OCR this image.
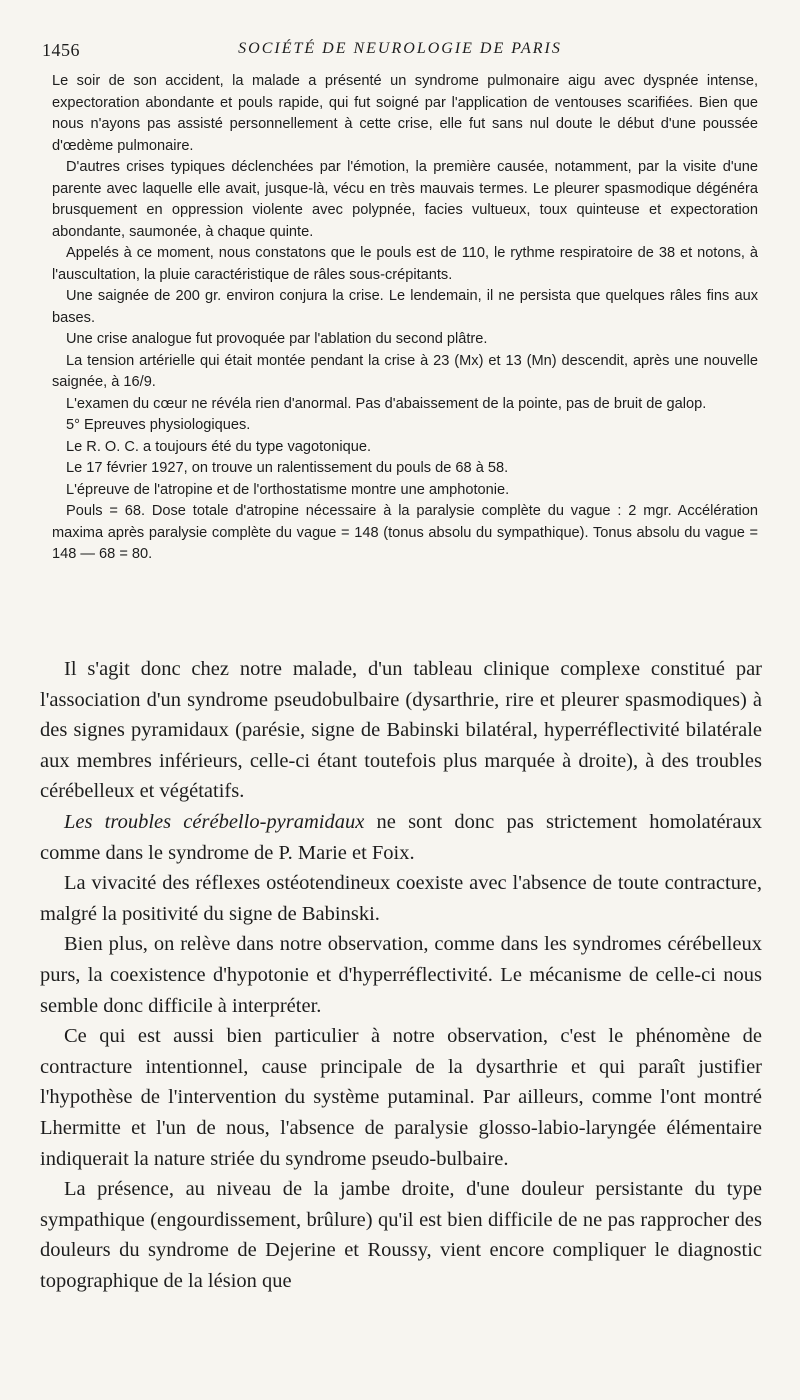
1456	SOCIÉTÉ DE NEUROLOGIE DE PARIS

Le soir de son accident, la malade a présenté un syndrome pulmonaire aigu avec dyspnée intense, expectoration abondante et pouls rapide, qui fut soigné par l'application de ventouses scarifiées. Bien que nous n'ayons pas assisté personnellement à cette crise, elle fut sans nul doute le début d'une poussée d'œdème pulmonaire.

D'autres crises typiques déclenchées par l'émotion, la première causée, notamment, par la visite d'une parente avec laquelle elle avait, jusque-là, vécu en très mauvais termes. Le pleurer spasmodique dégénéra brusquement en oppression violente avec polypnée, facies vultueux, toux quinteuse et expectoration abondante, saumonée, à chaque quinte.

Appelés à ce moment, nous constatons que le pouls est de 110, le rythme respiratoire de 38 et notons, à l'auscultation, la pluie caractéristique de râles sous-crépitants.

Une saignée de 200 gr. environ conjura la crise. Le lendemain, il ne persista que quelques râles fins aux bases.

Une crise analogue fut provoquée par l'ablation du second plâtre.

La tension artérielle qui était montée pendant la crise à 23 (Mx) et 13 (Mn) descendit, après une nouvelle saignée, à 16/9.

L'examen du cœur ne révéla rien d'anormal. Pas d'abaissement de la pointe, pas de bruit de galop.

5° Epreuves physiologiques.

Le R. O. C. a toujours été du type vagotonique.

Le 17 février 1927, on trouve un ralentissement du pouls de 68 à 58.

L'épreuve de l'atropine et de l'orthostatisme montre une amphotonie.

Pouls = 68. Dose totale d'atropine nécessaire à la paralysie complète du vague : 2 mgr. Accélération maxima après paralysie complète du vague = 148 (tonus absolu du sympathique). Tonus absolu du vague = 148 — 68 = 80.

Il s'agit donc chez notre malade, d'un tableau clinique complexe constitué par l'association d'un syndrome pseudobulbaire (dysarthrie, rire et pleurer spasmodiques) à des signes pyramidaux (parésie, signe de Babinski bilatéral, hyperréflectivité bilatérale aux membres inférieurs, celle-ci étant toutefois plus marquée à droite), à des troubles cérébelleux et végétatifs.

Les troubles cérébello-pyramidaux ne sont donc pas strictement homolatéraux comme dans le syndrome de P. Marie et Foix.

La vivacité des réflexes ostéotendineux coexiste avec l'absence de toute contracture, malgré la positivité du signe de Babinski.

Bien plus, on relève dans notre observation, comme dans les syndromes cérébelleux purs, la coexistence d'hypotonie et d'hyperréflectivité. Le mécanisme de celle-ci nous semble donc difficile à interpréter.

Ce qui est aussi bien particulier à notre observation, c'est le phénomène de contracture intentionnel, cause principale de la dysarthrie et qui paraît justifier l'hypothèse de l'intervention du système putaminal. Par ailleurs, comme l'ont montré Lhermitte et l'un de nous, l'absence de paralysie glosso-labio-laryngée élémentaire indiquerait la nature striée du syndrome pseudo-bulbaire.

La présence, au niveau de la jambe droite, d'une douleur persistante du type sympathique (engourdissement, brûlure) qu'il est bien difficile de ne pas rapprocher des douleurs du syndrome de Dejerine et Roussy, vient encore compliquer le diagnostic topographique de la lésion que
